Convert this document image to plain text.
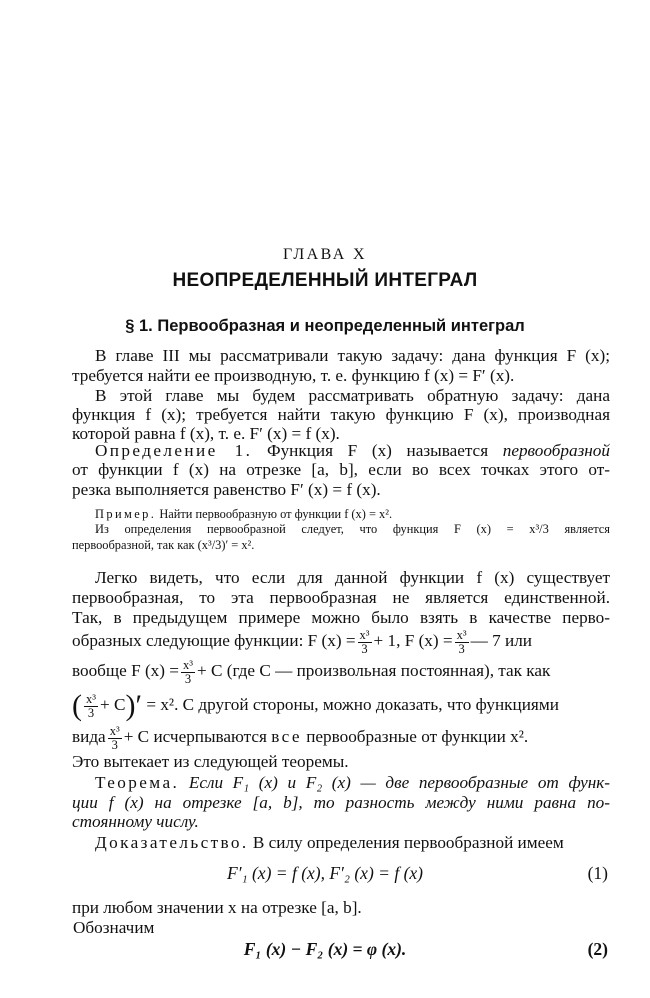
ГЛАВА X
НЕОПРЕДЕЛЕННЫЙ ИНТЕГРАЛ
§ 1. Первообразная и неопределенный интеграл
В главе III мы рассматривали такую задачу: дана функция F (x);
требуется найти ее производную, т. е. функцию f (x) = F′ (x).
В этой главе мы будем рассматривать обратную задачу: дана
функция f (x); требуется найти такую функцию F (x), производная
которой равна f (x), т. е. F′ (x) = f (x).
Определение 1. Функция F (x) называется первообразной
от функции f (x) на отрезке [a, b], если во всех точках этого от-
резка выполняется равенство F′ (x) = f (x).
Пример. Найти первообразную от функции f (x) = x².
Из определения первообразной следует, что функция F (x) = x³/3 является
первообразной, так как (x³/3)′ = x².
Легко видеть, что если для данной функции f (x) существует
первообразная, то эта первообразная не является единственной.
Так, в предыдущем примере можно было взять в качестве перво-
образных следующие функции: F $(x) = \frac{\text{x³}}{3} + 1$, F $(x) = \frac{\text{x³}}{3}$ — 7 или
вообще F $(x) = \frac{\text{x³}}{3} + C$ (где C — произвольная постоянная), так как
( $\frac{\text{x³}}{3} + C)' = x^2$. С другой стороны, можно доказать, что функциями
вида $\frac{\text{x³}}{3} + C$ исчерпываются все первообразные от функции x².
Это вытекает из следующей теоремы.
Теорема. Если F₁ (x) и F₂ (x) — две первообразные от функ-
ции f (x) на отрезке [a, b], то разность между ними равна по-
стоянному числу.
Доказательство. В силу определения первообразной имеем
F′₁ (x) = f (x), F′₂ (x) = f (x)	(1)
при любом значении x на отрезке [a, b].
Обозначим
F₁ (x) − F₂ (x) = φ (x).	(2)
